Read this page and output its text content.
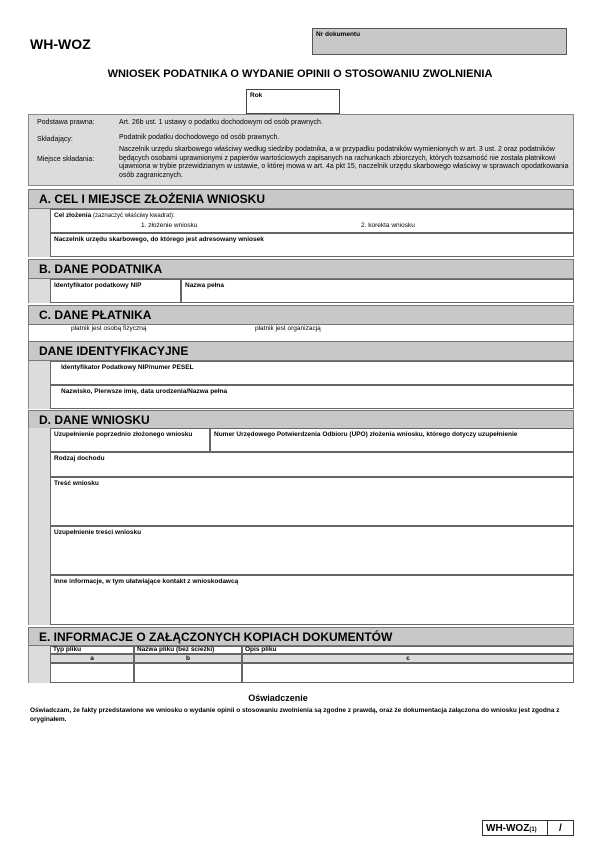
WH-WOZ
Nr dokumentu
WNIOSEK PODATNIKA O WYDANIE OPINII O STOSOWANIU ZWOLNIENIA
Rok
Podstawa prawna:	Art. 26b ust. 1 ustawy o podatku dochodowym od osób prawnych.
Składający:	Podatnik podatku dochodowego od osób prawnych.
Miejsce składania:
Naczelnik urzędu skarbowego właściwy według siedziby podatnika, a w przypadku podatników wymienionych w art. 3 ust. 2 oraz podatników będących osobami uprawnionymi z papierów wartościowych zapisanych na rachunkach zbiorczych, których tożsamość nie została płatnikowi ujawniona w trybie przewidzianym w ustawie, o której mowa w art. 4a pkt 15, naczelnik urzędu skarbowego właściwy w sprawach opodatkowania osób zagranicznych.
A. CEL I MIEJSCE ZŁOŻENIA WNIOSKU
Cel złożenia (zaznaczyć właściwy kwadrat):
1. złożenie wniosku	2. korekta wniosku
Naczelnik urzędu skarbowego, do którego jest adresowany wniosek
B. DANE PODATNIKA
Identyfikator podatkowy NIP	Nazwa pełna
C. DANE PŁATNIKA
płatnik jest osobą fizyczną	płatnik jest organizacją
DANE IDENTYFIKACYJNE
Identyfikator Podatkowy NIP/numer PESEL
Nazwisko, Pierwsze imię, data urodzenia/Nazwa pełna
D. DANE WNIOSKU
Uzupełnienie poprzednio złożonego wniosku	Numer Urzędowego Potwierdzenia Odbioru (UPO) złożenia wniosku, którego dotyczy uzupełnienie
Rodzaj dochodu
Treść wniosku
Uzupełnienie treści wniosku
Inne informacje, w tym ułatwiające kontakt z wnioskodawcą
E. INFORMACJE O ZAŁĄCZONYCH KOPIACH DOKUMENTÓW
Typ pliku	Nazwa pliku (bez ścieżki)	Opis pliku
a	b	c
Oświadczenie
Oświadczam, że fakty przedstawione we wniosku o wydanie opinii o stosowaniu zwolnienia są zgodne z prawdą, oraz że dokumentacja załączona do wniosku jest zgodna z oryginałem.
WH-WOZ(1) /
